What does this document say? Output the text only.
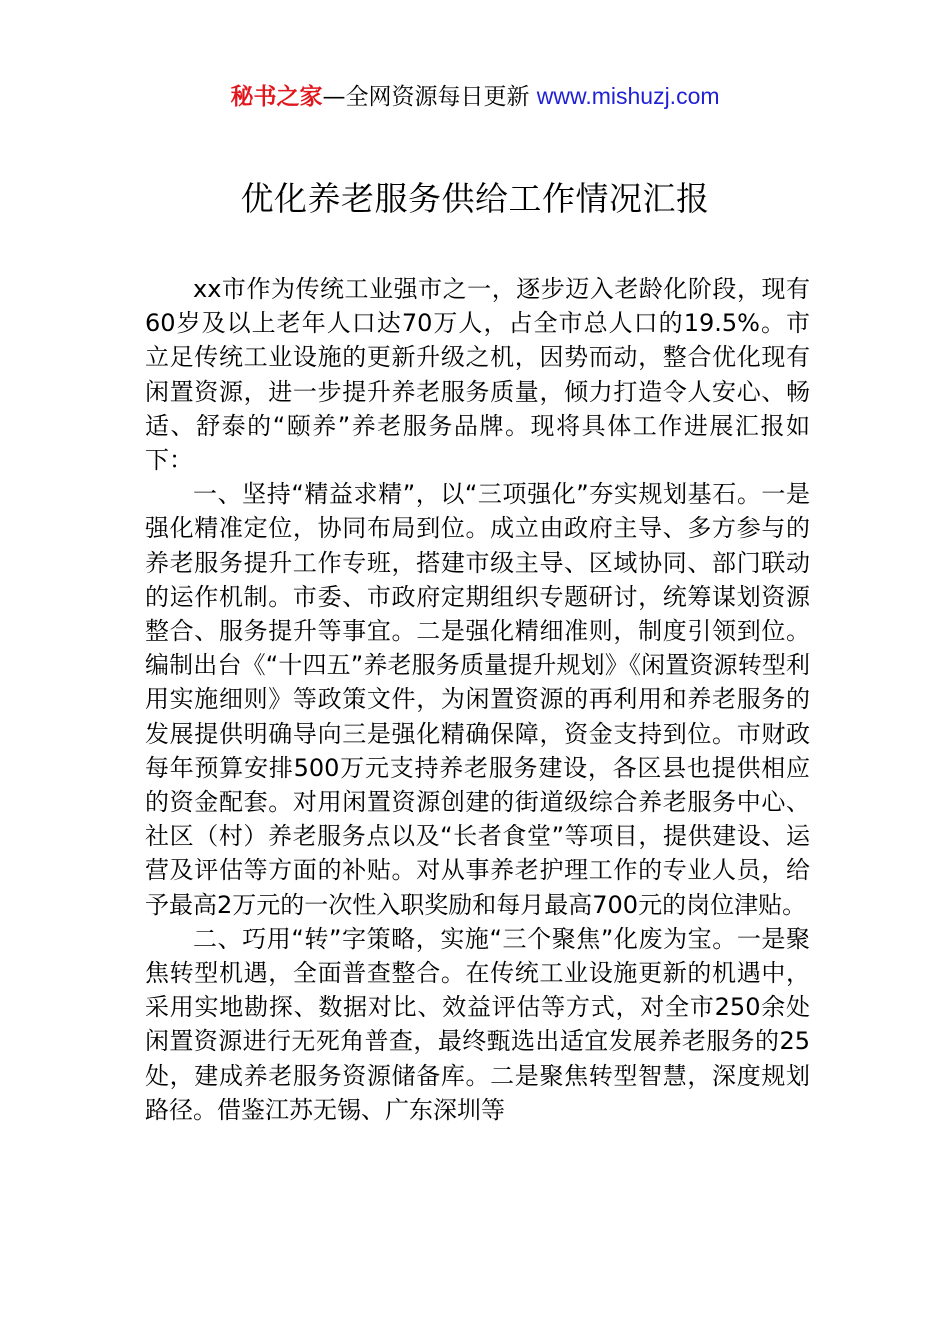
秘书之家—全网资源每日更新 www.mishuzj.com
优化养老服务供给工作情况汇报

xx市作为传统工业强市之一，逐步迈入老龄化阶段，现有60岁及以上老年人口达70万人，占全市总人口的19.5%。市立足传统工业设施的更新升级之机，因势而动，整合优化现有闲置资源，进一步提升养老服务质量，倾力打造令人安心、畅适、舒泰的“颐养”养老服务品牌。现将具体工作进展汇报如下：

一、坚持“精益求精”，以“三项强化”夯实规划基石。一是强化精准定位，协同布局到位。成立由政府主导、多方参与的养老服务提升工作专班，搭建市级主导、区域协同、部门联动的运作机制。市委、市政府定期组织专题研讨，统筹谋划资源整合、服务提升等事宜。二是强化精细准则，制度引领到位。编制出台《“十四五”养老服务质量提升规划》《闲置资源转型利用实施细则》等政策文件，为闲置资源的再利用和养老服务的发展提供明确导向三是强化精确保障，资金支持到位。市财政每年预算安排500万元支持养老服务建设，各区县也提供相应的资金配套。对用闲置资源创建的街道级综合养老服务中心、社区（村）养老服务点以及“长者食堂”等项目，提供建设、运营及评估等方面的补贴。对从事养老护理工作的专业人员，给予最高2万元的一次性入职奖励和每月最高700元的岗位津贴。

二、巧用“转”字策略，实施“三个聚焦”化废为宝。一是聚焦转型机遇，全面普查整合。在传统工业设施更新的机遇中，采用实地勘探、数据对比、效益评估等方式，对全市250余处闲置资源进行无死角普查，最终甄选出适宜发展养老服务的25处，建成养老服务资源储备库。二是聚焦转型智慧，深度规划路径。借鉴江苏无锡、广东深圳等
